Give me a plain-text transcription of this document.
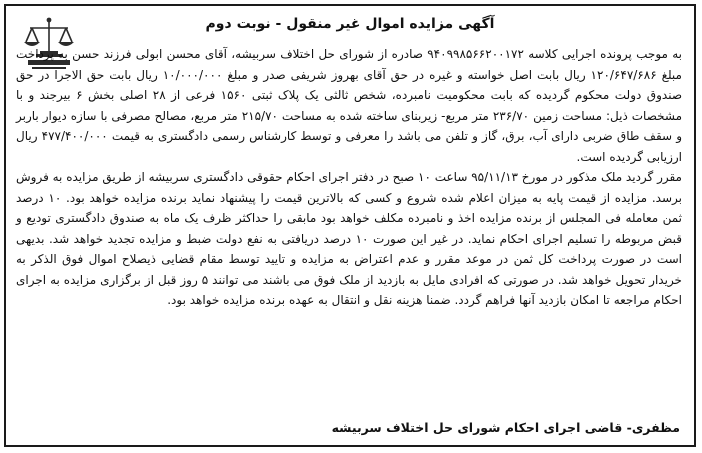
آگهی مزایده اموال غیر منقول - نوبت دوم

به موجب پرونده اجرایی کلاسه ۹۴۰۹۹۸۵۶۶۲۰۰۱۷۲ صادره از شورای حل اختلاف سربیشه، آقای محسن ابولی فرزند حسن به پرداخت مبلغ ۱۲۰/۶۴۷/۶۸۶ ریال بابت اصل خواسته و غیره در حق آقای بهروز شریفی صدر و مبلغ ۱۰/۰۰۰/۰۰۰ ریال بابت حق الاجرا در حق صندوق دولت محکوم گردیده که بابت محکومیت نامبرده، شخص ثالثی یک پلاک ثبتی ۱۵۶۰ فرعی از ۲۸ اصلی بخش ۶ بیرجند و با مشخصات ذیل: مساحت زمین ۲۳۶/۷۰ متر مربع- زیربنای ساخته شده به مساحت ۲۱۵/۷۰ متر مربع، مصالح مصرفی با سازه دیوار باربر و سقف طاق ضربی دارای آب، برق، گاز و تلفن می باشد را معرفی و توسط کارشناس رسمی دادگستری به قیمت ۴۷۷/۴۰۰/۰۰۰ ریال ارزیابی گردیده است.

مقرر گردید ملک مذکور در مورخ ۹۵/۱۱/۱۳ ساعت ۱۰ صبح در دفتر اجرای احکام حقوقی دادگستری سربیشه از طریق مزایده به فروش برسد. مزایده از قیمت پایه به میزان اعلام شده شروع و کسی که بالاترین قیمت را پیشنهاد نماید برنده مزایده خواهد بود. ۱۰ درصد ثمن معامله فی المجلس از برنده مزایده اخذ و نامبرده مکلف خواهد بود مابقی را حداکثر ظرف یک ماه به صندوق دادگستری تودیع و قبض مربوطه را تسلیم اجرای احکام نماید. در غیر این صورت ۱۰ درصد دریافتی به نفع دولت ضبط و مزایده تجدید خواهد شد. بدیهی است در صورت پرداخت کل ثمن در موعد مقرر و عدم اعتراض به مزایده و تایید توسط مقام قضایی ذیصلاح اموال فوق الذکر به خریدار تحویل خواهد شد. در صورتی که افرادی مایل به بازدید از ملک فوق می باشند می توانند ۵ روز قبل از برگزاری مزایده به اجرای احکام مراجعه تا امکان بازدید آنها فراهم گردد. ضمنا هزینه نقل و انتقال به عهده برنده مزایده خواهد بود.

مظفری- قاضی اجرای احکام شورای حل اختلاف سربیشه
